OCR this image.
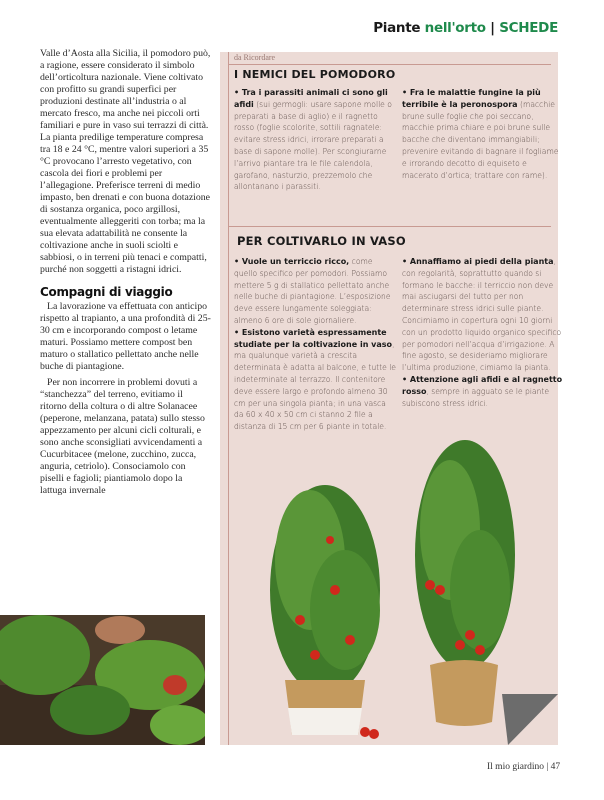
Piante nell'orto | SCHEDE

Valle d’Aosta alla Sicilia, il pomodoro può, a ragione, essere considerato il simbolo dell’orticoltura nazionale. Viene coltivato con profitto su grandi superfici per produzioni destinate all’industria o al mercato fresco, ma anche nei piccoli orti familiari e pure in vaso sui terrazzi di città. La pianta predilige temperature compresa tra 18 e 24 °C, mentre valori superiori a 35 °C provocano l’arresto vegetativo, con cascola dei fiori e problemi per l’allegagione. Preferisce terreni di medio impasto, ben drenati e con buona dotazione di sostanza organica, poco argillosi, eventualmente alleggeriti con torba; ma la sua elevata adattabilità ne consente la coltivazione anche in suoli sciolti e sabbiosi, o in terreni più tenaci e compatti, purché non soggetti a ristagni idrici.

Compagni di viaggio

La lavorazione va effettuata con anticipo rispetto al trapianto, a una profondità di 25-30 cm e incorporando compost o letame maturi. Possiamo mettere compost ben maturo o stallatico pellettato anche nelle buche di piantagione.

Per non incorrere in problemi dovuti a “stanchezza” del terreno, evitiamo il ritorno della coltura o di altre Solanacee (peperone, melanzana, patata) sullo stesso appezzamento per alcuni cicli colturali, e sono anche sconsigliati avvicendamenti a Cucurbitacee (melone, zucchino, zucca, anguria, cetriolo). Consociamolo con piselli e fagioli; piantiamolo dopo la lattuga invernale

da Ricordare
I NEMICI DEL POMODORO
• Tra i parassiti animali ci sono gli afidi (sui germogli: usare sapone molle o preparati a base di aglio) e il ragnetto rosso (foglie scolorite, sottili ragnatele: evitare stress idrici, irrorare preparati a base di sapone molle). Per scongiurarne l’arrivo piantare tra le file calendola, garofano, nasturzio, prezzemolo che allontanano i parassiti.
• Fra le malattie fungine la più terribile è la peronospora (macchie brune sulle foglie che poi seccano, macchie prima chiare e poi brune sulle bacche che diventano immangiabili; prevenire evitando di bagnare il fogliame e irrorando decotto di equiseto e macerato d’ortica; trattare con rame).
PER COLTIVARLO IN VASO
• Vuole un terriccio ricco, come quello specifico per pomodori. Possiamo mettere 5 g di stallatico pellettato anche nelle buche di piantagione. L’esposizione deve essere lungamente soleggiata: almeno 6 ore di sole giornaliere.
• Esistono varietà espressamente studiate per la coltivazione in vaso, ma qualunque varietà a crescita determinata è adatta al balcone, e tutte le indeterminate al terrazzo. Il contenitore deve essere largo e profondo almeno 30 cm per una singola pianta; in una vasca da 60 x 40 x 50 cm ci stanno 2 file a distanza di 15 cm per 6 piante in totale.
• Annaffiamo ai piedi della pianta, con regolarità, soprattutto quando si formano le bacche: il terriccio non deve mai asciugarsi del tutto per non determinare stress idrici sulle piante. Concimiamo in copertura ogni 10 giorni con un prodotto liquido organico specifico per pomodori nell’acqua d’irrigazione. A fine agosto, se desideriamo migliorare l’ultima produzione, cimiamo la pianta.
• Attenzione agli afidi e al ragnetto rosso, sempre in agguato se le piante subiscono stress idrici.
Il mio giardino | 47
